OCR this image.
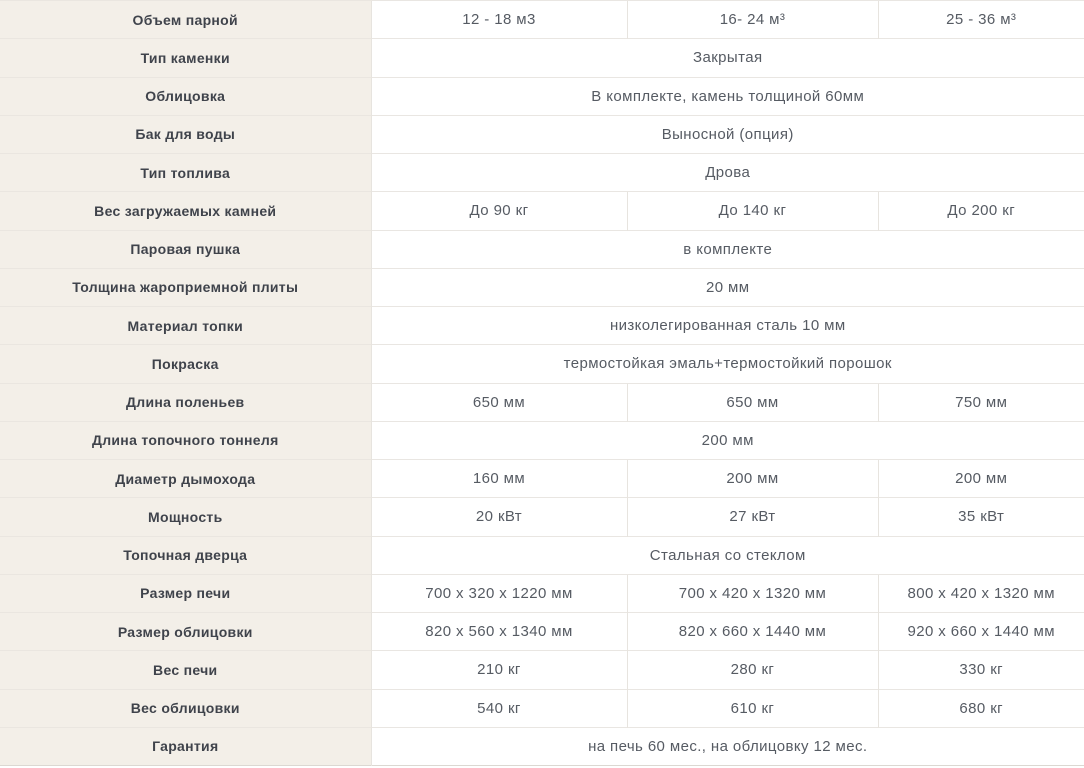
Объем парной	12 - 18 м3	16- 24 м³	25 - 36 м³
Тип каменки	Закрытая		
Облицовка	В комплекте, камень толщиной 60мм		
Бак для воды	Выносной (опция)		
Тип топлива	Дрова		
Вес загружаемых камней	До 90 кг	До 140 кг	До 200 кг
Паровая пушка	в комплекте		
Толщина жароприемной плиты	20 мм		
Материал топки	низколегированная сталь 10 мм		
Покраска	термостойкая эмаль+термостойкий порошок		
Длина поленьев	650 мм	650 мм	750 мм
Длина топочного тоннеля	200 мм		
Диаметр дымохода	160 мм	200 мм	200 мм
Мощность	20 кВт	27 кВт	35 кВт
Топочная дверца	Стальная со стеклом		
Размер печи	700 х 320 х 1220 мм	700 х 420 х 1320 мм	800 х 420 х 1320 мм
Размер облицовки	820 х 560 х 1340 мм	820 х 660 х 1440 мм	920 х 660 х 1440 мм
Вес печи	210 кг	280 кг	330 кг
Вес облицовки	540 кг	610 кг	680 кг
Гарантия	на печь 60 мес., на облицовку 12 мес.		
